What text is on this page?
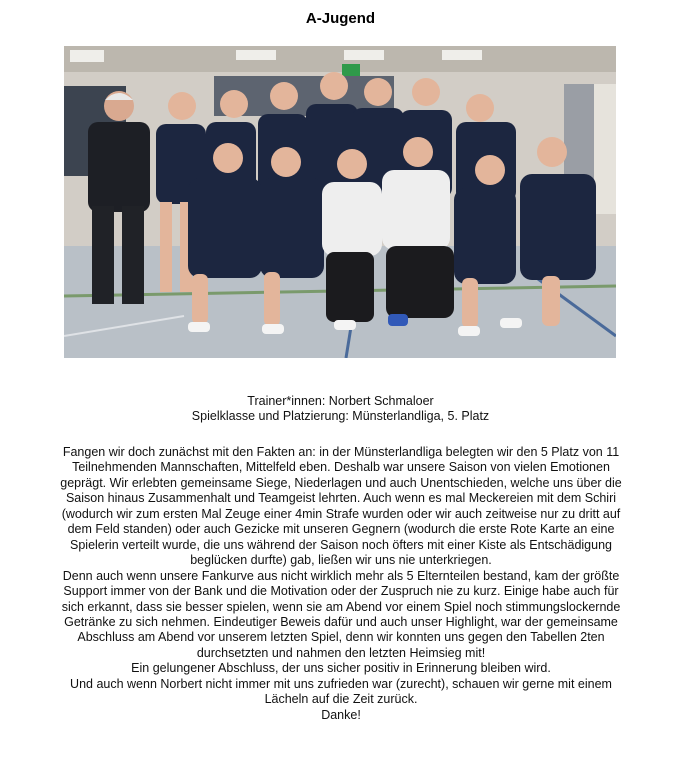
A-Jugend
Trainer*innen: Norbert Schmaloer
Spielklasse und Platzierung: Münsterlandliga, 5. Platz

Fangen wir doch zunächst mit den Fakten an: in der Münsterlandliga belegten wir den 5 Platz von 11 Teilnehmenden Mannschaften, Mittelfeld eben. Deshalb war unsere Saison von vielen Emotionen geprägt. Wir erlebten gemeinsame Siege, Niederlagen und auch Unentschieden, welche uns über die Saison hinaus Zusammenhalt und Teamgeist lehrten. Auch wenn es mal Meckereien mit dem Schiri (wodurch wir zum ersten Mal Zeuge einer 4min Strafe wurden oder wir auch zeitweise nur zu dritt auf dem Feld standen) oder auch Gezicke mit unseren Gegnern (wodurch die erste Rote Karte an eine Spielerin verteilt wurde, die uns während der Saison noch öfters mit einer Kiste als Entschädigung beglücken durfte) gab, ließen wir uns nie unterkriegen.

Denn auch wenn unsere Fankurve aus nicht wirklich mehr als 5 Elternteilen bestand, kam der größte Support immer von der Bank und die Motivation oder der Zuspruch nie zu kurz. Einige habe auch für sich erkannt, dass sie besser spielen, wenn sie am Abend vor einem Spiel noch stimmungslockernde Getränke zu sich nehmen. Eindeutiger Beweis dafür und auch unser Highlight, war der gemeinsame Abschluss am Abend vor unserem letzten Spiel, denn wir konnten uns gegen den Tabellen 2ten durchsetzten und nahmen den letzten Heimsieg mit!

Ein gelungener Abschluss, der uns sicher positiv in Erinnerung bleiben wird.

Und auch wenn Norbert nicht immer mit uns zufrieden war (zurecht), schauen wir gerne mit einem Lächeln auf die Zeit zurück.

Danke!
